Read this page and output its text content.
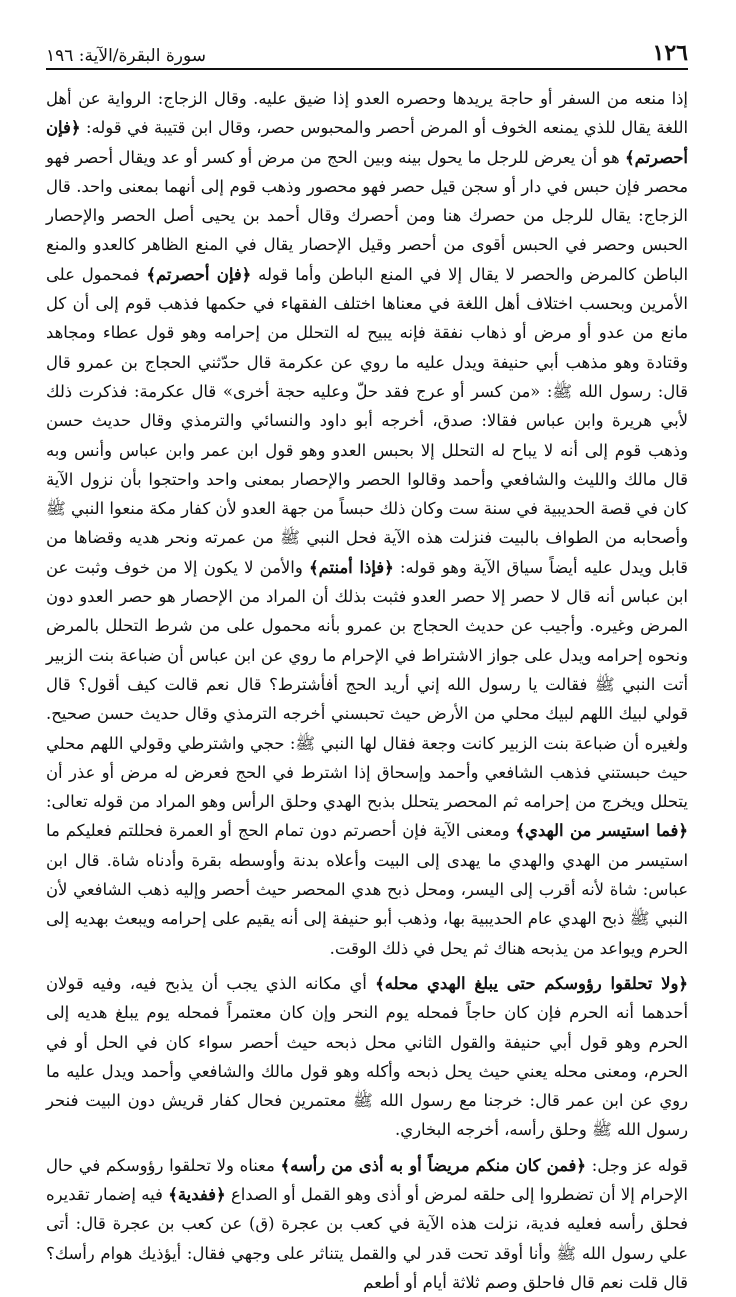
١٢٦
سورة البقرة/الآية: ١٩٦

إذا منعه من السفر أو حاجة يريدها وحصره العدو إذا ضيق عليه. وقال الزجاج: الرواية عن أهل اللغة يقال للذي يمنعه الخوف أو المرض أحصر والمحبوس حصر، وقال ابن قتيبة في قوله: ﴿فإن أحصرتم﴾ هو أن يعرض للرجل ما يحول بينه وبين الحج من مرض أو كسر أو عد ويقال أحصر فهو محصر فإن حبس في دار أو سجن قيل حصر فهو محصور وذهب قوم إلى أنهما بمعنى واحد. قال الزجاج: يقال للرجل من حصرك هنا ومن أحصرك وقال أحمد بن يحيى أصل الحصر والإحصار الحبس وحصر في الحبس أقوى من أحصر وقيل الإحصار يقال في المنع الظاهر كالعدو والمنع الباطن كالمرض والحصر لا يقال إلا في المنع الباطن وأما قوله ﴿فإن أحصرتم﴾ فمحمول على الأمرين وبحسب اختلاف أهل اللغة في معناها اختلف الفقهاء في حكمها فذهب قوم إلى أن كل مانع من عدو أو مرض أو ذهاب نفقة فإنه يبيح له التحلل من إحرامه وهو قول عطاء ومجاهد وقتادة وهو مذهب أبي حنيفة ويدل عليه ما روي عن عكرمة قال حدّثني الحجاج بن عمرو قال قال: رسول الله ﷺ: «من كسر أو عرج فقد حلّ وعليه حجة أخرى» قال عكرمة: فذكرت ذلك لأبي هريرة وابن عباس فقالا: صدق، أخرجه أبو داود والنسائي والترمذي وقال حديث حسن وذهب قوم إلى أنه لا يباح له التحلل إلا بحبس العدو وهو قول ابن عمر وابن عباس وأنس وبه قال مالك والليث والشافعي وأحمد وقالوا الحصر والإحصار بمعنى واحد واحتجوا بأن نزول الآية كان في قصة الحديبية في سنة ست وكان ذلك حبساً من جهة العدو لأن كفار مكة منعوا النبي ﷺ وأصحابه من الطواف بالبيت فنزلت هذه الآية فحل النبي ﷺ من عمرته ونحر هديه وقضاها من قابل ويدل عليه أيضاً سياق الآية وهو قوله: ﴿فإذا أمنتم﴾ والأمن لا يكون إلا من خوف وثبت عن ابن عباس أنه قال لا حصر إلا حصر العدو فثبت بذلك أن المراد من الإحصار هو حصر العدو دون المرض وغيره. وأجيب عن حديث الحجاج بن عمرو بأنه محمول على من شرط التحلل بالمرض ونحوه إحرامه ويدل على جواز الاشتراط في الإحرام ما روي عن ابن عباس أن ضباعة بنت الزبير أتت النبي ﷺ فقالت يا رسول الله إني أريد الحج أفأشترط؟ قال نعم قالت كيف أقول؟ قال قولي لبيك اللهم لبيك محلي من الأرض حيث تحبسني أخرجه الترمذي وقال حديث حسن صحيح. ولغيره أن ضباعة بنت الزبير كانت وجعة فقال لها النبي ﷺ: حجي واشترطي وقولي اللهم محلي حيث حبستني فذهب الشافعي وأحمد وإسحاق إذا اشترط في الحج فعرض له مرض أو عذر أن يتحلل ويخرج من إحرامه ثم المحصر يتحلل بذبح الهدي وحلق الرأس وهو المراد من قوله تعالى: ﴿فما استيسر من الهدي﴾ ومعنى الآية فإن أحصرتم دون تمام الحج أو العمرة فحللتم فعليكم ما استيسر من الهدي والهدي ما يهدى إلى البيت وأعلاه بدنة وأوسطه بقرة وأدناه شاة. قال ابن عباس: شاة لأنه أقرب إلى اليسر، ومحل ذبح هدي المحصر حيث أحصر وإليه ذهب الشافعي لأن النبي ﷺ ذبح الهدي عام الحديبية بها، وذهب أبو حنيفة إلى أنه يقيم على إحرامه ويبعث بهديه إلى الحرم ويواعد من يذبحه هناك ثم يحل في ذلك الوقت.

﴿ولا تحلقوا رؤوسكم حتى يبلغ الهدي محله﴾ أي مكانه الذي يجب أن يذبح فيه، وفيه قولان أحدهما أنه الحرم فإن كان حاجاً فمحله يوم النحر وإن كان معتمراً فمحله يوم يبلغ هديه إلى الحرم وهو قول أبي حنيفة والقول الثاني محل ذبحه حيث أحصر سواء كان في الحل أو في الحرم، ومعنى محله يعني حيث يحل ذبحه وأكله وهو قول مالك والشافعي وأحمد ويدل عليه ما روي عن ابن عمر قال: خرجنا مع رسول الله ﷺ معتمرين فحال كفار قريش دون البيت فنحر رسول الله ﷺ وحلق رأسه، أخرجه البخاري.

قوله عز وجل: ﴿فمن كان منكم مريضاً أو به أذى من رأسه﴾ معناه ولا تحلقوا رؤوسكم في حال الإحرام إلا أن تضطروا إلى حلقه لمرض أو أذى وهو القمل أو الصداع ﴿ففدية﴾ فيه إضمار تقديره فحلق رأسه فعليه فدية، نزلت هذه الآية في كعب بن عجرة (ق) عن كعب بن عجرة قال: أتى علي رسول الله ﷺ وأنا أوقد تحت قدر لي والقمل يتناثر على وجهي فقال: أيؤذيك هوام رأسك؟ قال قلت نعم قال فاحلق وصم ثلاثة أيام أو أطعم
